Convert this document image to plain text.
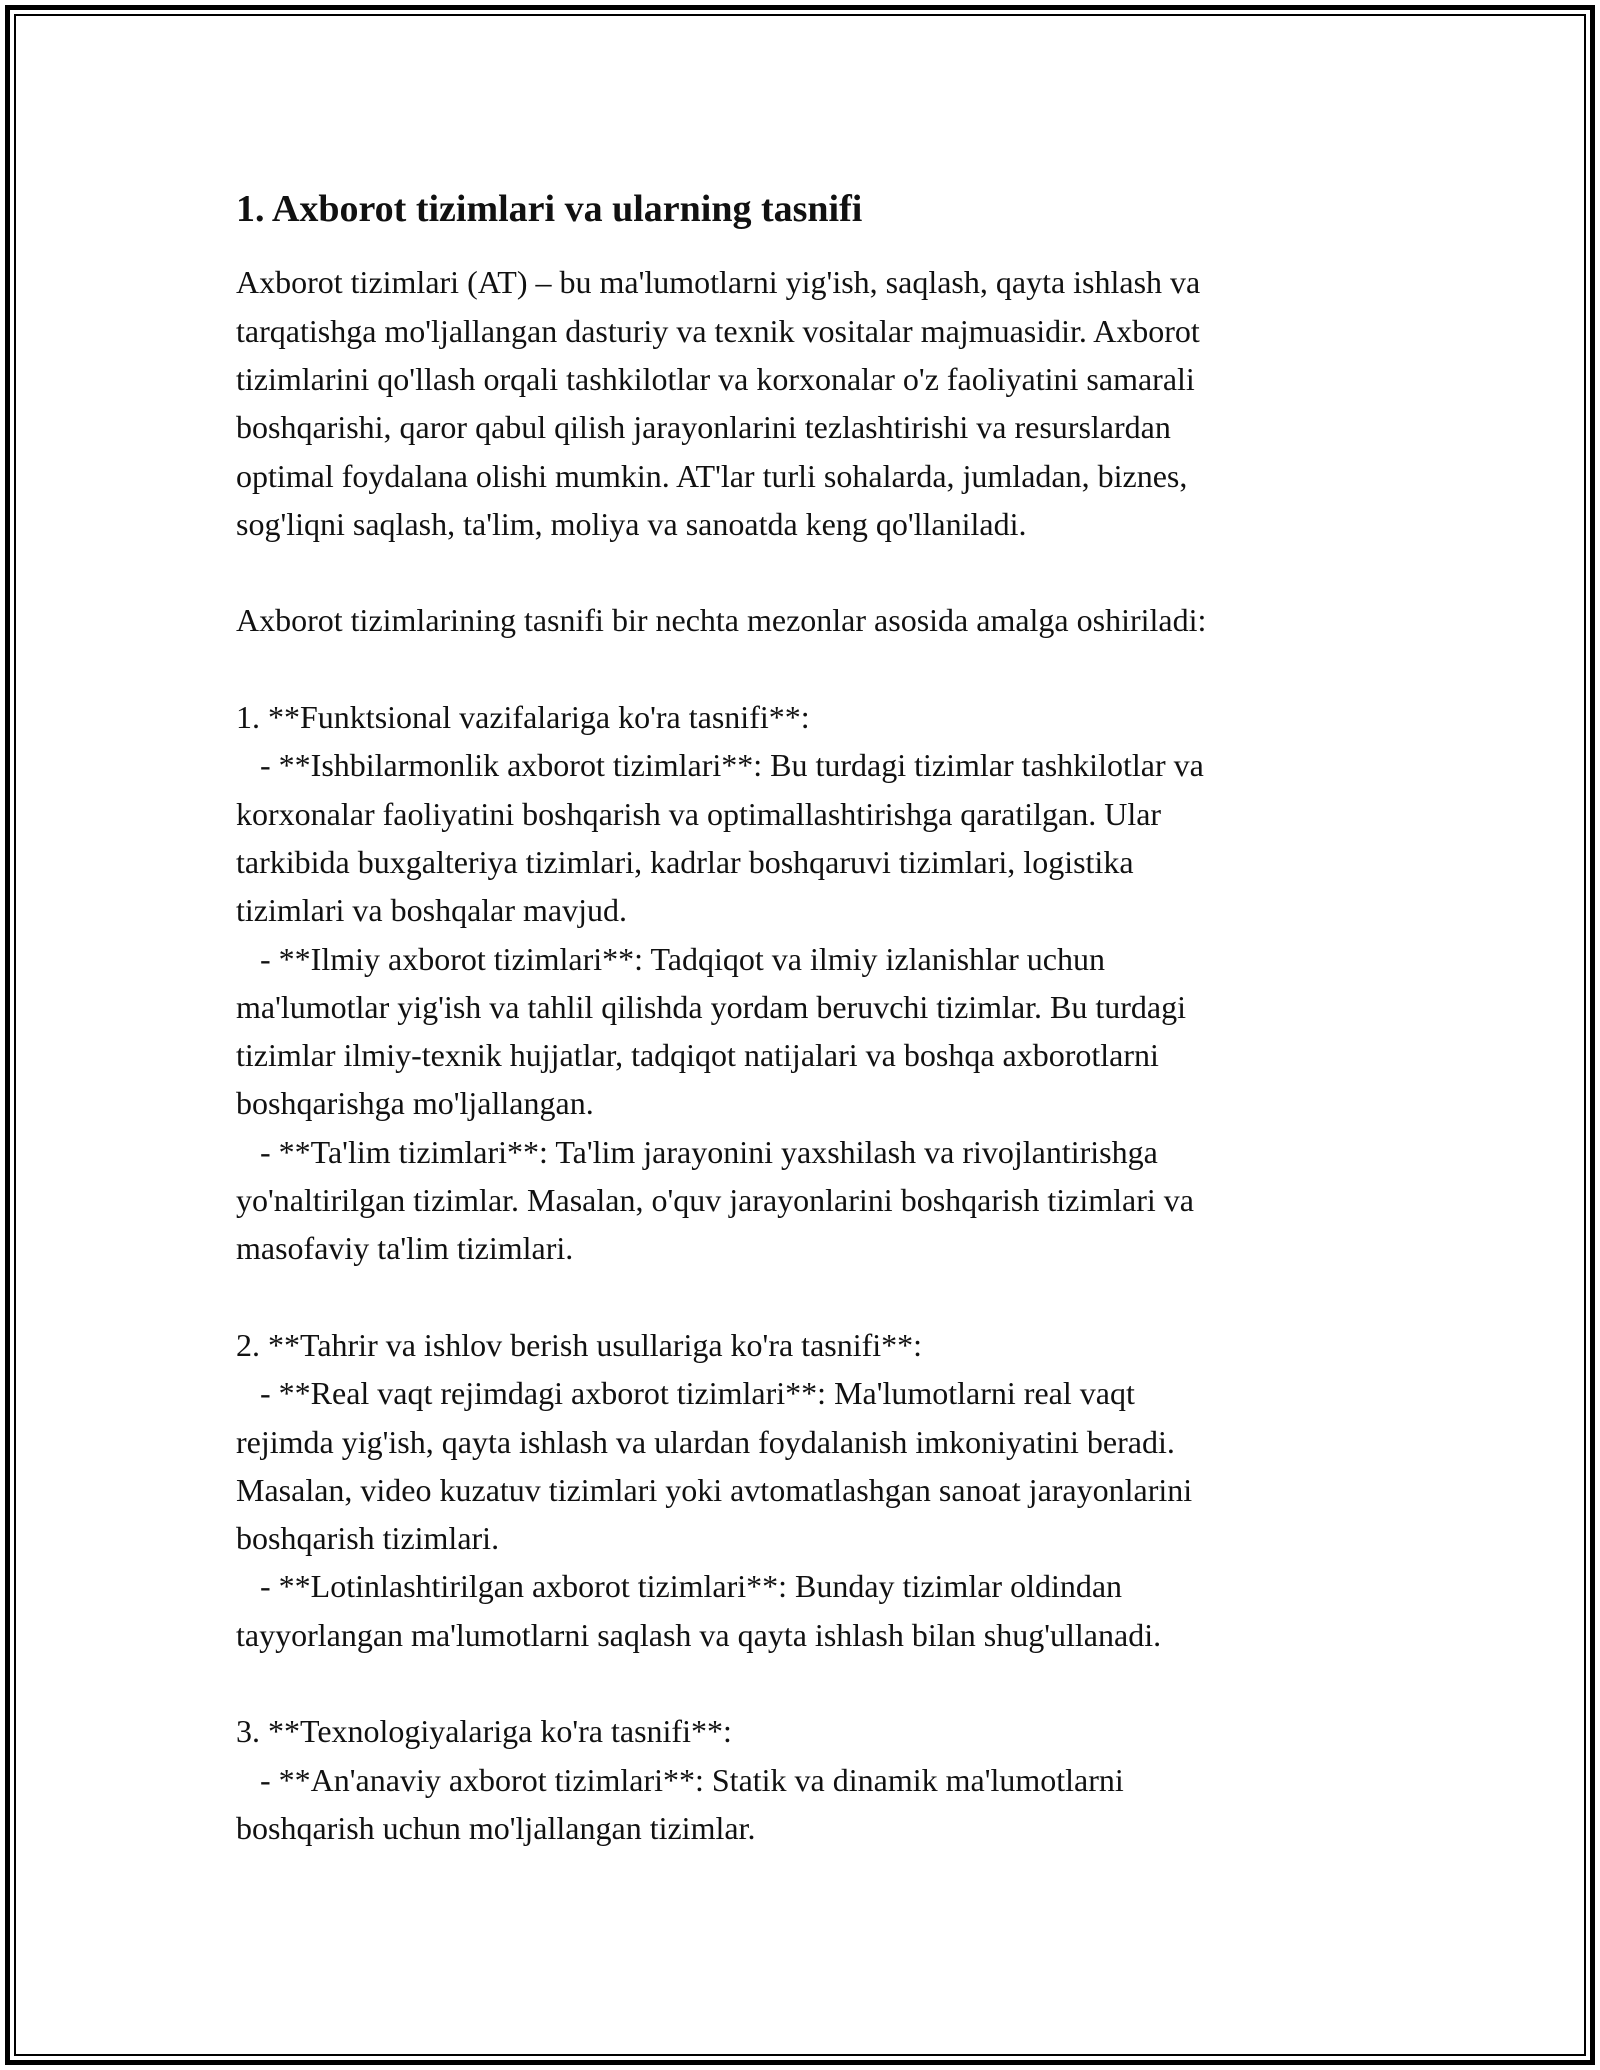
1. Axborot tizimlari va ularning tasnifi

Axborot tizimlari (AT) – bu ma'lumotlarni yig'ish, saqlash, qayta ishlash va

tarqatishga mo'ljallangan dasturiy va texnik vositalar majmuasidir. Axborot

tizimlarini qo'llash orqali tashkilotlar va korxonalar o'z faoliyatini samarali

boshqarishi, qaror qabul qilish jarayonlarini tezlashtirishi va resurslardan

optimal foydalana olishi mumkin. AT'lar turli sohalarda, jumladan, biznes,

sog'liqni saqlash, ta'lim, moliya va sanoatda keng qo'llaniladi.

Axborot tizimlarining tasnifi bir nechta mezonlar asosida amalga oshiriladi:

1. **Funktsional vazifalariga ko'ra tasnifi**:

- **Ishbilarmonlik axborot tizimlari**: Bu turdagi tizimlar tashkilotlar va

korxonalar faoliyatini boshqarish va optimallashtirishga qaratilgan. Ular

tarkibida buxgalteriya tizimlari, kadrlar boshqaruvi tizimlari, logistika

tizimlari va boshqalar mavjud.

- **Ilmiy axborot tizimlari**: Tadqiqot va ilmiy izlanishlar uchun

ma'lumotlar yig'ish va tahlil qilishda yordam beruvchi tizimlar. Bu turdagi

tizimlar ilmiy-texnik hujjatlar, tadqiqot natijalari va boshqa axborotlarni

boshqarishga mo'ljallangan.

- **Ta'lim tizimlari**: Ta'lim jarayonini yaxshilash va rivojlantirishga

yo'naltirilgan tizimlar. Masalan, o'quv jarayonlarini boshqarish tizimlari va

masofaviy ta'lim tizimlari.

2. **Tahrir va ishlov berish usullariga ko'ra tasnifi**:

- **Real vaqt rejimdagi axborot tizimlari**: Ma'lumotlarni real vaqt

rejimda yig'ish, qayta ishlash va ulardan foydalanish imkoniyatini beradi.

Masalan, video kuzatuv tizimlari yoki avtomatlashgan sanoat jarayonlarini

boshqarish tizimlari.

- **Lotinlashtirilgan axborot tizimlari**: Bunday tizimlar oldindan

tayyorlangan ma'lumotlarni saqlash va qayta ishlash bilan shug'ullanadi.

3. **Texnologiyalariga ko'ra tasnifi**:

- **An'anaviy axborot tizimlari**: Statik va dinamik ma'lumotlarni

boshqarish uchun mo'ljallangan tizimlar.
